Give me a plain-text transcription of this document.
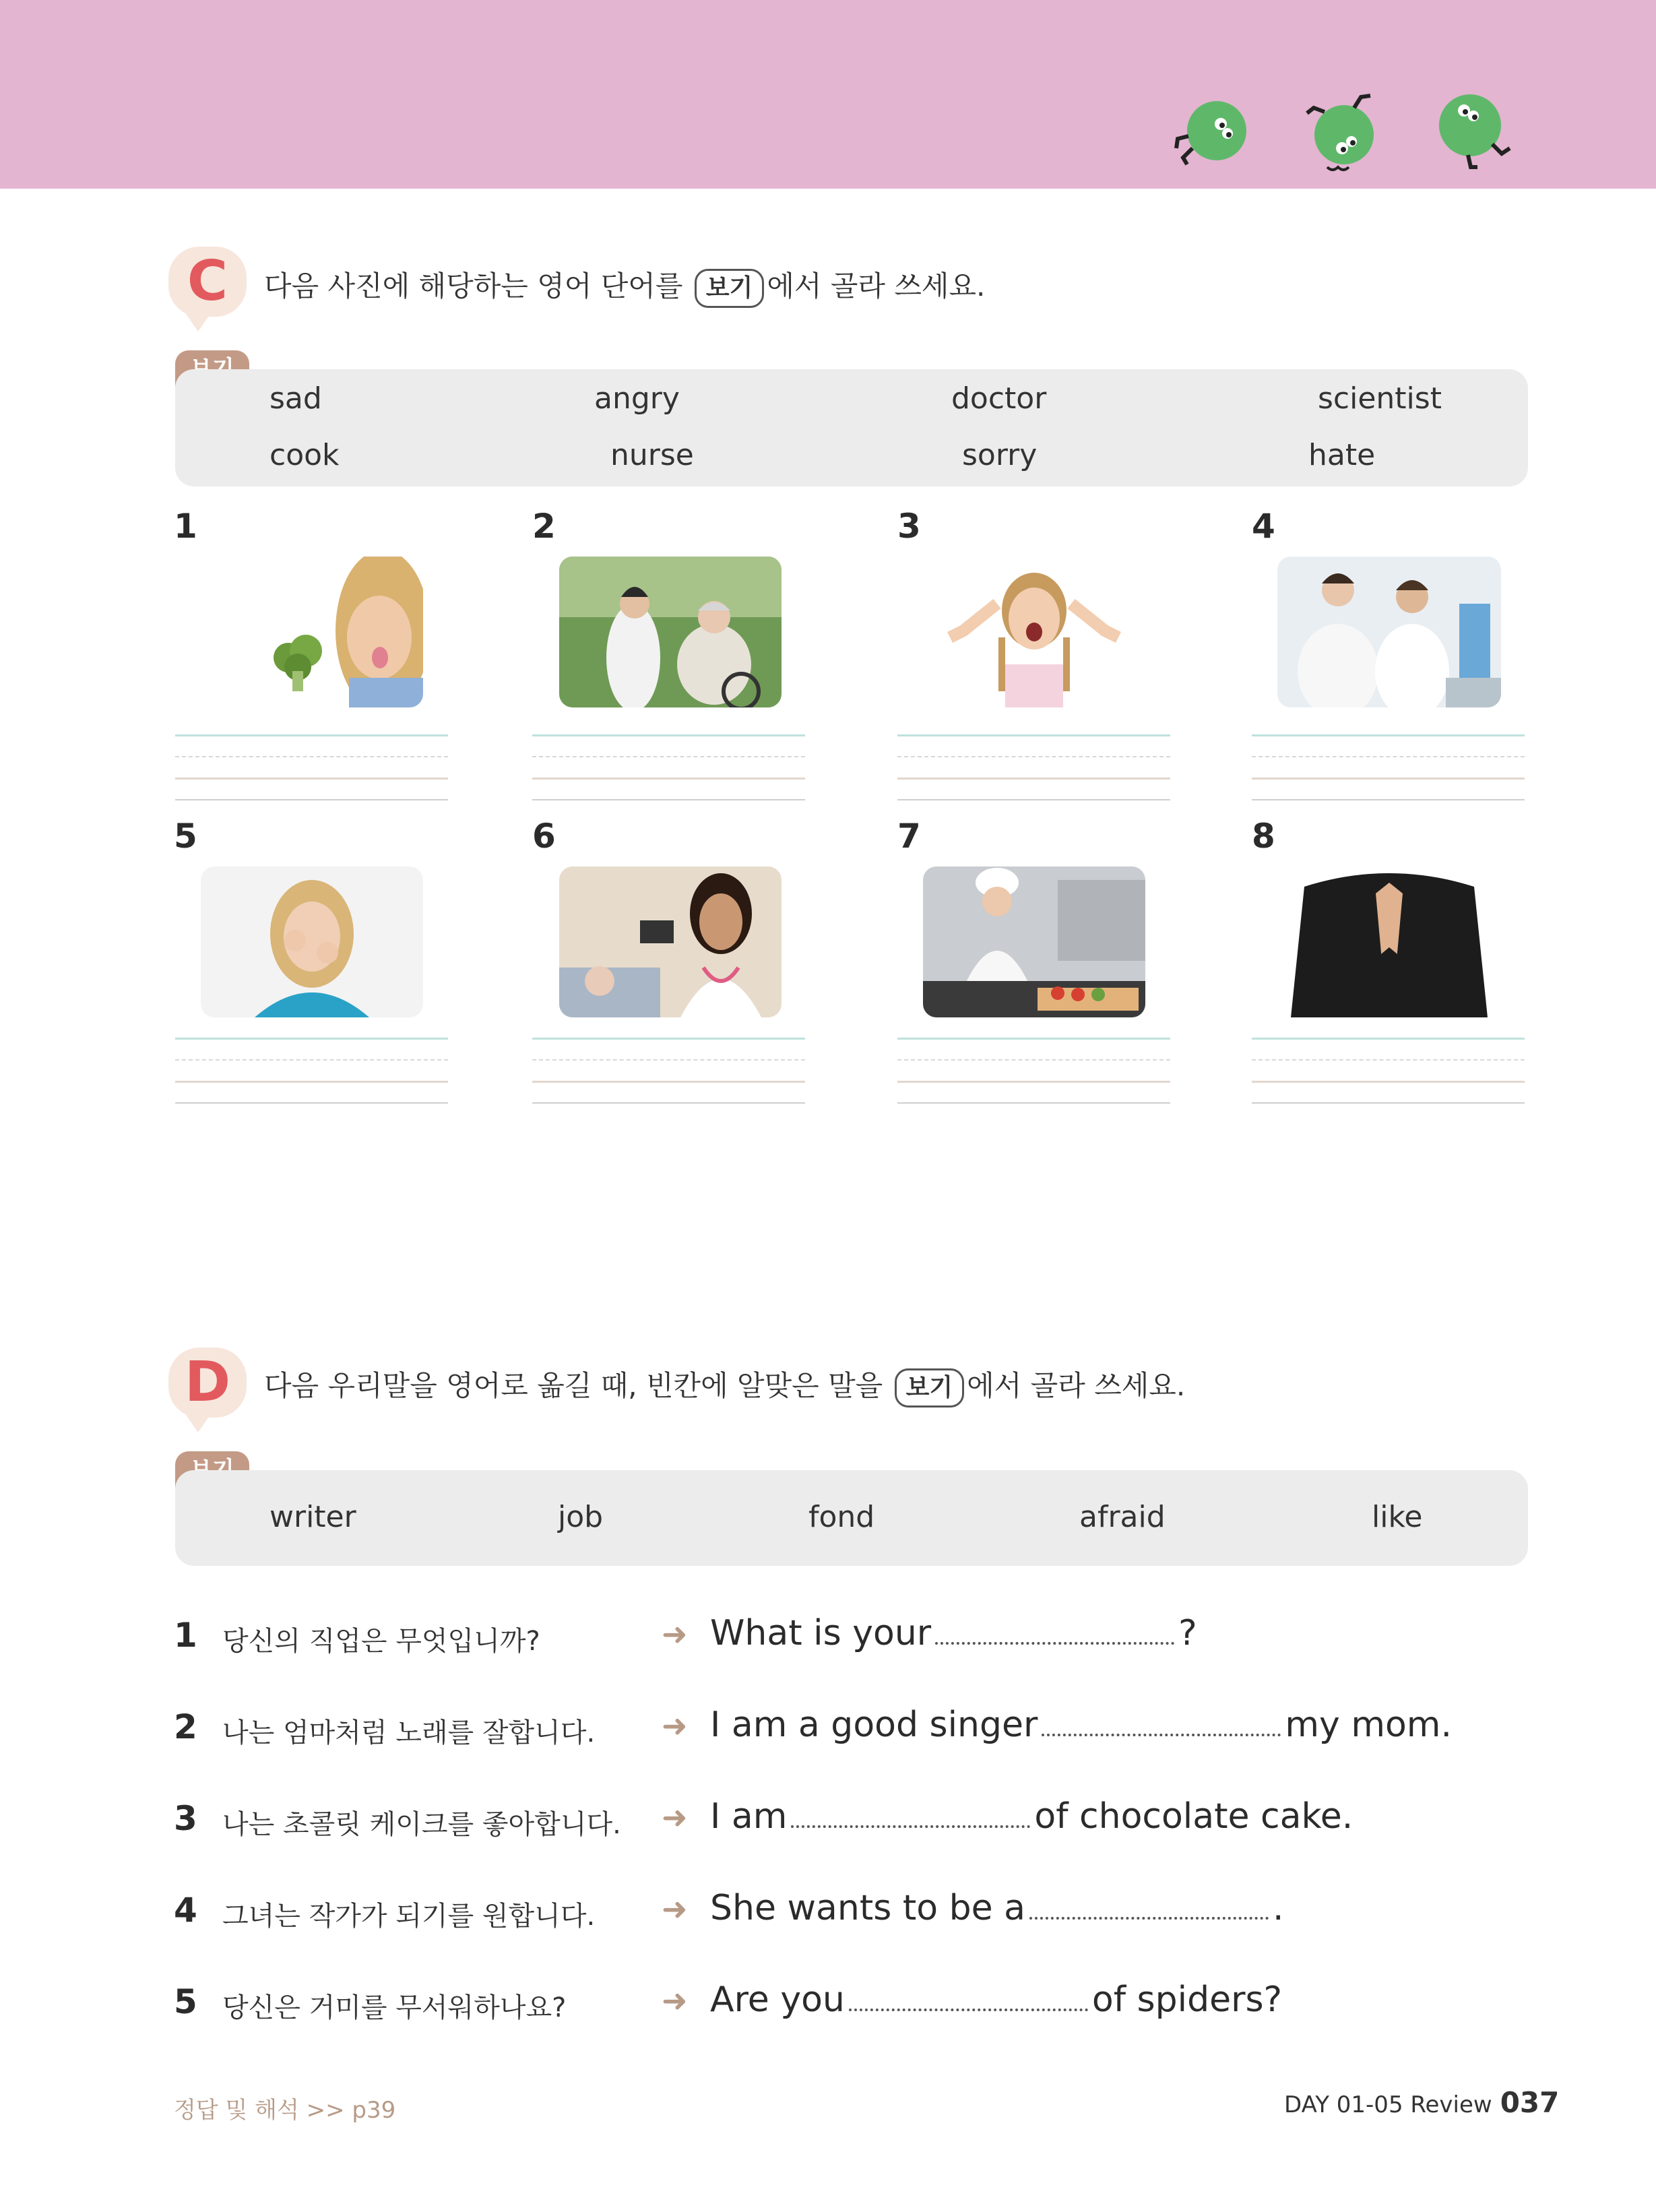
C	다음 사진에 해당하는 영어 단어를 보기 에서 골라 쓰세요.
sad	angry	doctor	scientist
cook	nurse	sorry	hate
1	2	3	4
5	6	7	8
D	다음 우리말을 영어로 옮길 때, 빈칸에 알맞은 말을 보기 에서 골라 쓰세요.
writer	job	fond	afraid	like
1 당신의 직업은 무엇입니까?	➜ What is your	?
2 나는 엄마처럼 노래를 잘합니다. ➜ I am a good singer	my mom.
3 나는 초콜릿 케이크를 좋아합니다. ➜ I am	of chocolate cake.
4 그녀는 작가가 되기를 원합니다. ➜ She wants to be a	.
5 당신은 거미를 무서워하나요?	➜ Are you	of spiders?
정답 및 해석 >> p39	DAY 01-05 Review 037
